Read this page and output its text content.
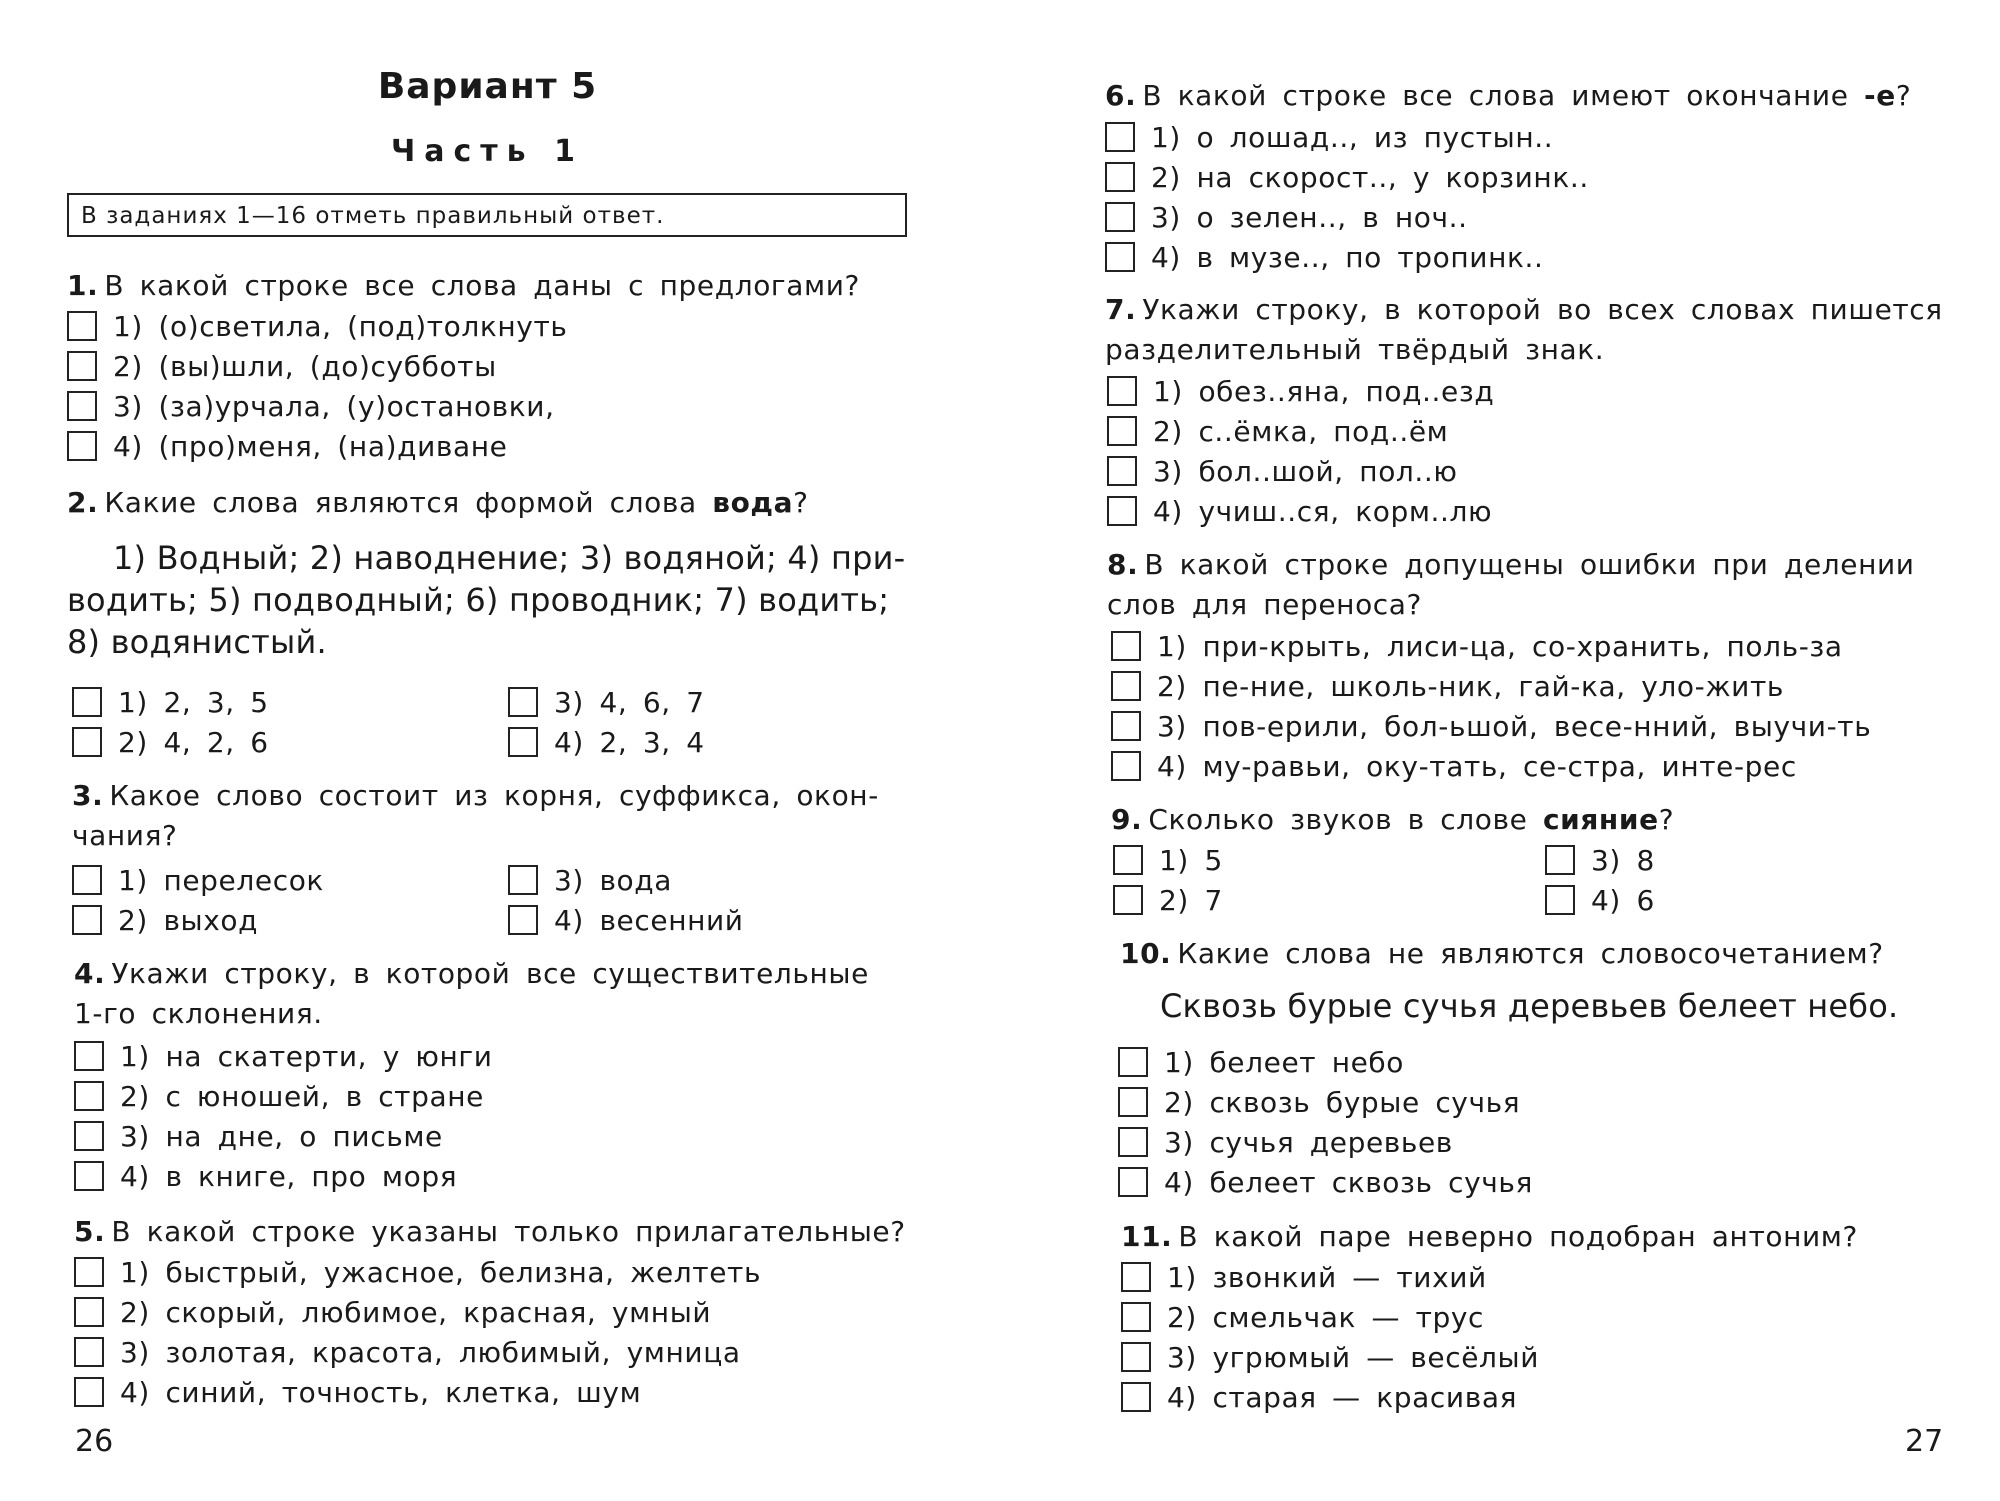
Вариант 5
Часть 1
В заданиях 1—16 отметь правильный ответ.
1. В какой строке все слова даны с предлогами?
1) (о)светила, (под)толкнуть
2) (вы)шли, (до)субботы
3) (за)урчала, (у)остановки,
4) (про)меня, (на)диване
2. Какие слова являются формой слова вода?
1) Водный; 2) наводнение; 3) водяной; 4) при-
водить; 5) подводный; 6) проводник; 7) водить;
8) водянистый.
1) 2, 3, 5
2) 4, 2, 6
3) 4, 6, 7
4) 2, 3, 4
3. Какое слово состоит из корня, суффикса, окон-
чания?
1) перелесок
2) выход
3) вода
4) весенний
4. Укажи строку, в которой все существительные
1-го склонения.
1) на скатерти, у юнги
2) с юношей, в стране
3) на дне, о письме
4) в книге, про моря
5. В какой строке указаны только прилагательные?
1) быстрый, ужасное, белизна, желтеть
2) скорый, любимое, красная, умный
3) золотая, красота, любимый, умница
4) синий, точность, клетка, шум
26
6. В какой строке все слова имеют окончание -е?
1) о лошад.., из пустын..
2) на скорост.., у корзинк..
3) о зелен.., в ноч..
4) в музе.., по тропинк..
7. Укажи строку, в которой во всех словах пишется
разделительный твёрдый знак.
1) обез..яна, под..езд
2) с..ёмка, под..ём
3) бол..шой, пол..ю
4) учиш..ся, корм..лю
8. В какой строке допущены ошибки при делении
слов для переноса?
1) при-крыть, лиси-ца, со-хранить, поль-за
2) пе-ние, школь-ник, гай-ка, уло-жить
3) пов-ерили, бол-ьшой, весе-нний, выучи-ть
4) му-равьи, оку-тать, се-стра, инте-рес
9. Сколько звуков в слове сияние?
1) 5
2) 7
3) 8
4) 6
10. Какие слова не являются словосочетанием?
Сквозь бурые сучья деревьев белеет небо.
1) белеет небо
2) сквозь бурые сучья
3) сучья деревьев
4) белеет сквозь сучья
11. В какой паре неверно подобран антоним?
1) звонкий — тихий
2) смельчак — трус
3) угрюмый — весёлый
4) старая — красивая
27
